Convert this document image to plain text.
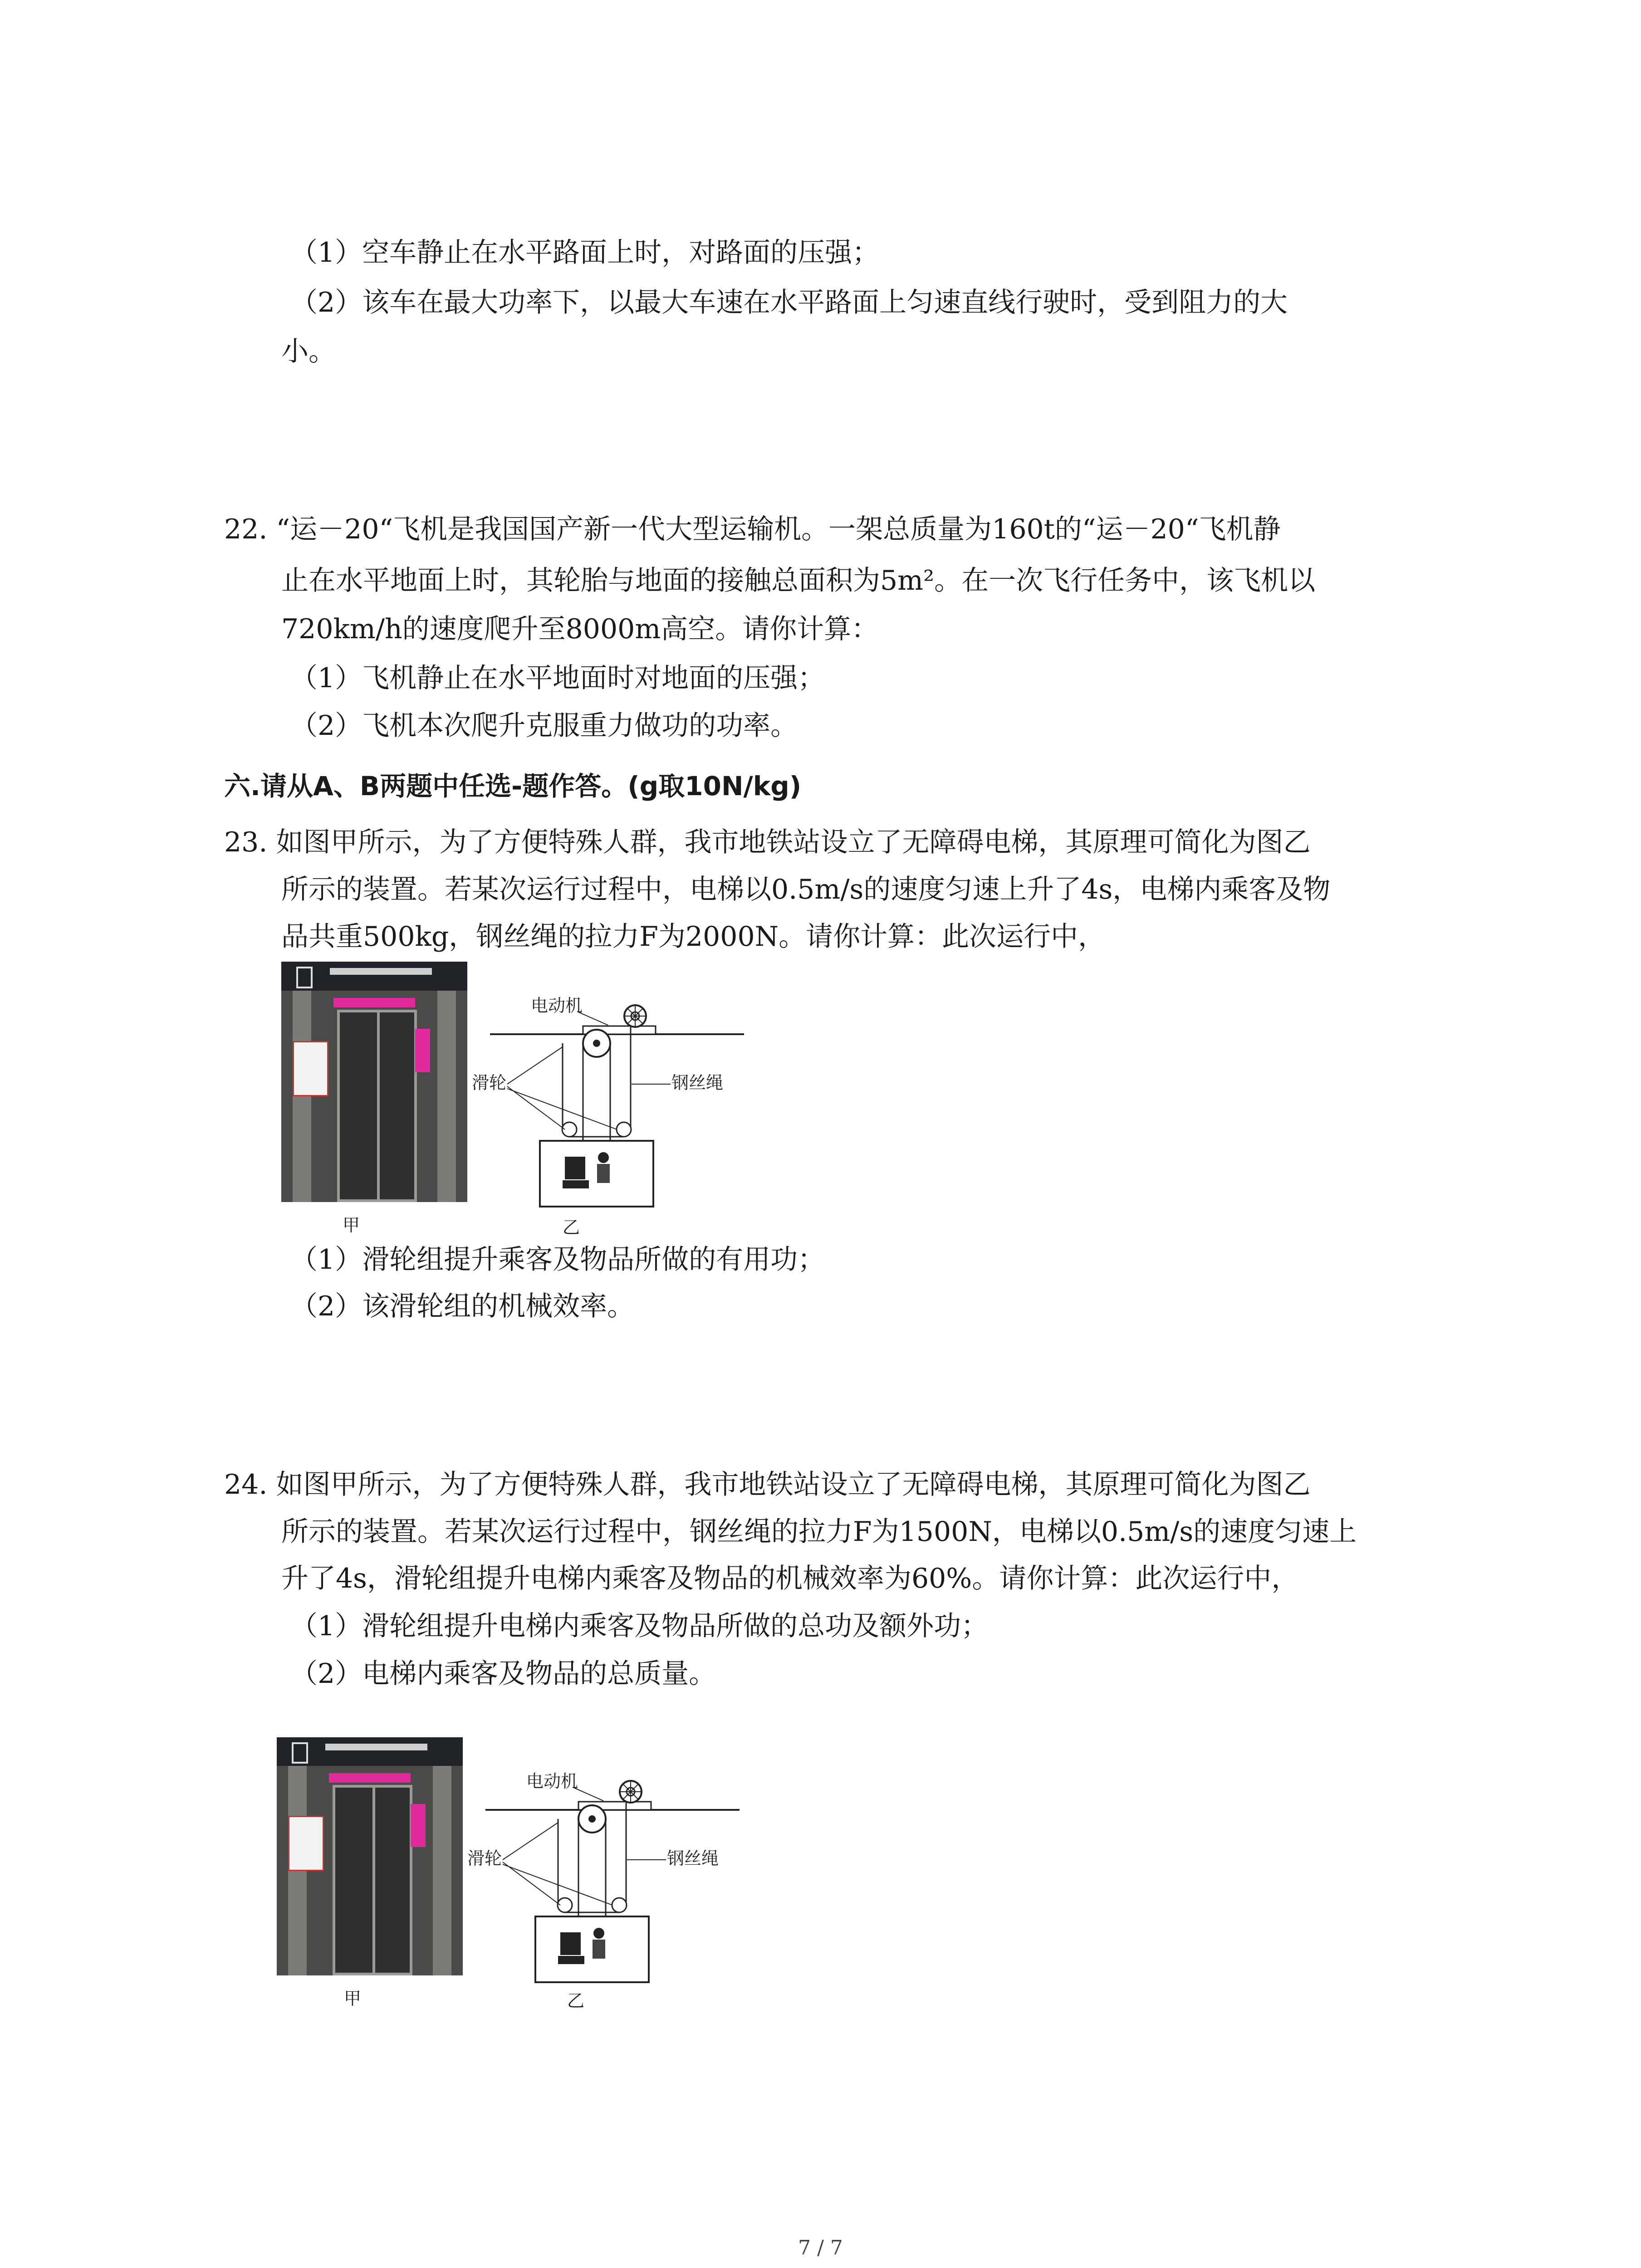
（1）空车静止在水平路面上时，对路面的压强；
（2）该车在最大功率下，以最大车速在水平路面上匀速直线行驶时，受到阻力的大
小。
22. “运－20“飞机是我国国产新一代大型运输机。一架总质量为160t的“运－20“飞机静
止在水平地面上时，其轮胎与地面的接触总面积为5m²。在一次飞行任务中，该飞机以
720km/h的速度爬升至8000m高空。请你计算：
（1）飞机静止在水平地面时对地面的压强；
（2）飞机本次爬升克服重力做功的功率。
六.请从A、B两题中任选-题作答。(g取10N/kg)
23. 如图甲所示，为了方便特殊人群，我市地铁站设立了无障碍电梯，其原理可简化为图乙
所示的装置。若某次运行过程中，电梯以0.5m/s的速度匀速上升了4s，电梯内乘客及物
品共重500kg，钢丝绳的拉力F为2000N。请你计算：此次运行中，
甲
电动机
滑轮	钢丝绳
乙
（1）滑轮组提升乘客及物品所做的有用功；
（2）该滑轮组的机械效率。
24. 如图甲所示，为了方便特殊人群，我市地铁站设立了无障碍电梯，其原理可简化为图乙
所示的装置。若某次运行过程中，钢丝绳的拉力F为1500N，电梯以0.5m/s的速度匀速上
升了4s，滑轮组提升电梯内乘客及物品的机械效率为60%。请你计算：此次运行中，
（1）滑轮组提升电梯内乘客及物品所做的总功及额外功；
（2）电梯内乘客及物品的总质量。
甲
电动机
滑轮	钢丝绳
乙
7 / 7
